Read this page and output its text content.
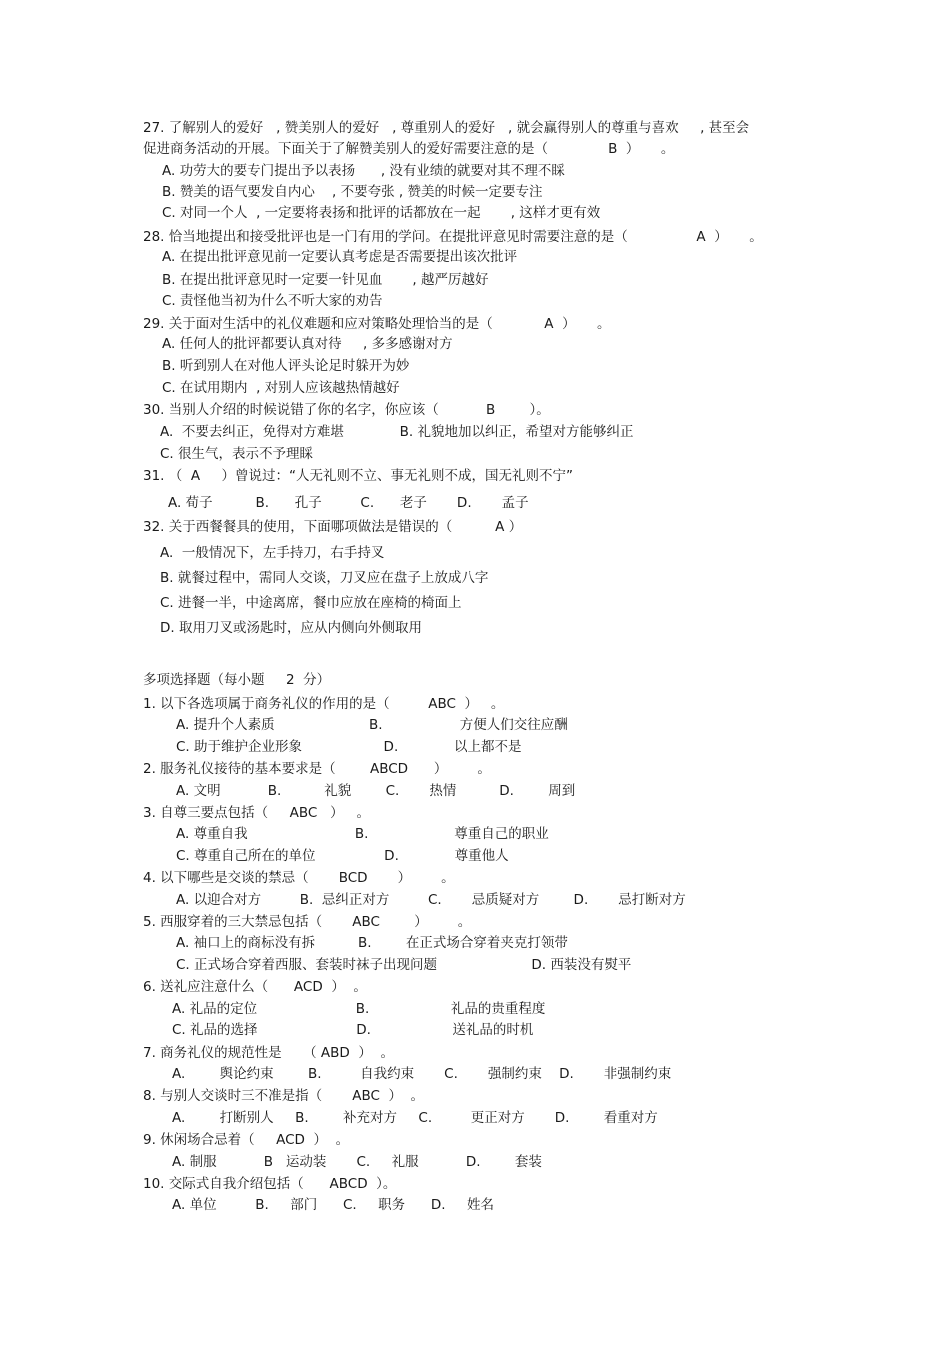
27. 了解别人的爱好   , 赞美别人的爱好   , 尊重别人的爱好   , 就会赢得别人的尊重与喜欢     , 甚至会
促进商务活动的开展。下面关于了解赞美别人的爱好需要注意的是（              B  ）     。
A. 功劳大的要专门提出予以表扬      , 没有业绩的就要对其不理不睬
B. 赞美的语气要发自内心    , 不要夸张 , 赞美的时候一定要专注
C. 对同一个人  , 一定要将表扬和批评的话都放在一起       , 这样才更有效
28. 恰当地提出和接受批评也是一门有用的学问。在提批评意见时需要注意的是（                A  ）     。
A. 在提出批评意见前一定要认真考虑是否需要提出该次批评
B. 在提出批评意见时一定要一针见血       , 越严厉越好
C. 责怪他当初为什么不听大家的劝告
29. 关于面对生活中的礼仪难题和应对策略处理恰当的是（            A  ）     。
A. 任何人的批评都要认真对待     , 多多感谢对方
B. 听到别人在对他人评头论足时躲开为妙
C. 在试用期内  , 对别人应该越热情越好
30. 当别人介绍的时候说错了你的名字，你应该（           B        ）。
A.  不要去纠正，免得对方难堪             B. 礼貌地加以纠正，希望对方能够纠正
C. 很生气，表示不予理睬
31. （  A     ）曾说过：“人无礼则不立、事无礼则不成，国无礼则不宁”
A. 荀子          B.      孔子         C.      老子       D.       孟子
32. 关于西餐餐具的使用，下面哪项做法是错误的（          A ）
A.  一般情况下，左手持刀，右手持叉
B. 就餐过程中，需同人交谈，刀叉应在盘子上放成八字
C. 进餐一半，中途离席，餐巾应放在座椅的椅面上
D. 取用刀叉或汤匙时，应从内侧向外侧取用
多项选择题（每小题     2  分）
1. 以下各选项属于商务礼仪的作用的是（         ABC  ）   。
A. 提升个人素质                      B.                  方便人们交往应酬
C. 助于维护企业形象                   D.             以上都不是
2. 服务礼仪接待的基本要求是（        ABCD      ）       。
A. 文明           B.          礼貌        C.       热情          D.        周到
3. 自尊三要点包括（     ABC   ）   。
A. 尊重自我                         B.                    尊重自己的职业
C. 尊重自己所在的单位                D.             尊重他人
4. 以下哪些是交谈的禁忌（       BCD       ）       。
A. 以迎合对方         B.  忌纠正对方         C.       忌质疑对方        D.       忌打断对方
5. 西服穿着的三大禁忌包括（       ABC        ）       。
A. 袖口上的商标没有拆          B.        在正式场合穿着夹克打领带
C. 正式场合穿着西服、套装时袜子出现问题                      D. 西装没有熨平
6. 送礼应注意什么（      ACD  ）  。
A. 礼品的定位                       B.                   礼品的贵重程度
C. 礼品的选择                       D.                   送礼品的时机
7. 商务礼仪的规范性是     （ ABD  ）  。
A.        舆论约束        B.         自我约束       C.       强制约束    D.       非强制约束
8. 与别人交谈时三不准是指（       ABC  ）  。
A.        打断别人     B.        补充对方     C.         更正对方       D.        看重对方
9. 休闲场合忌着（     ACD  ）  。
A. 制服           B   运动装       C.     礼服           D.        套装
10. 交际式自我介绍包括（      ABCD  ）。
A. 单位         B.     部门      C.     职务      D.     姓名
